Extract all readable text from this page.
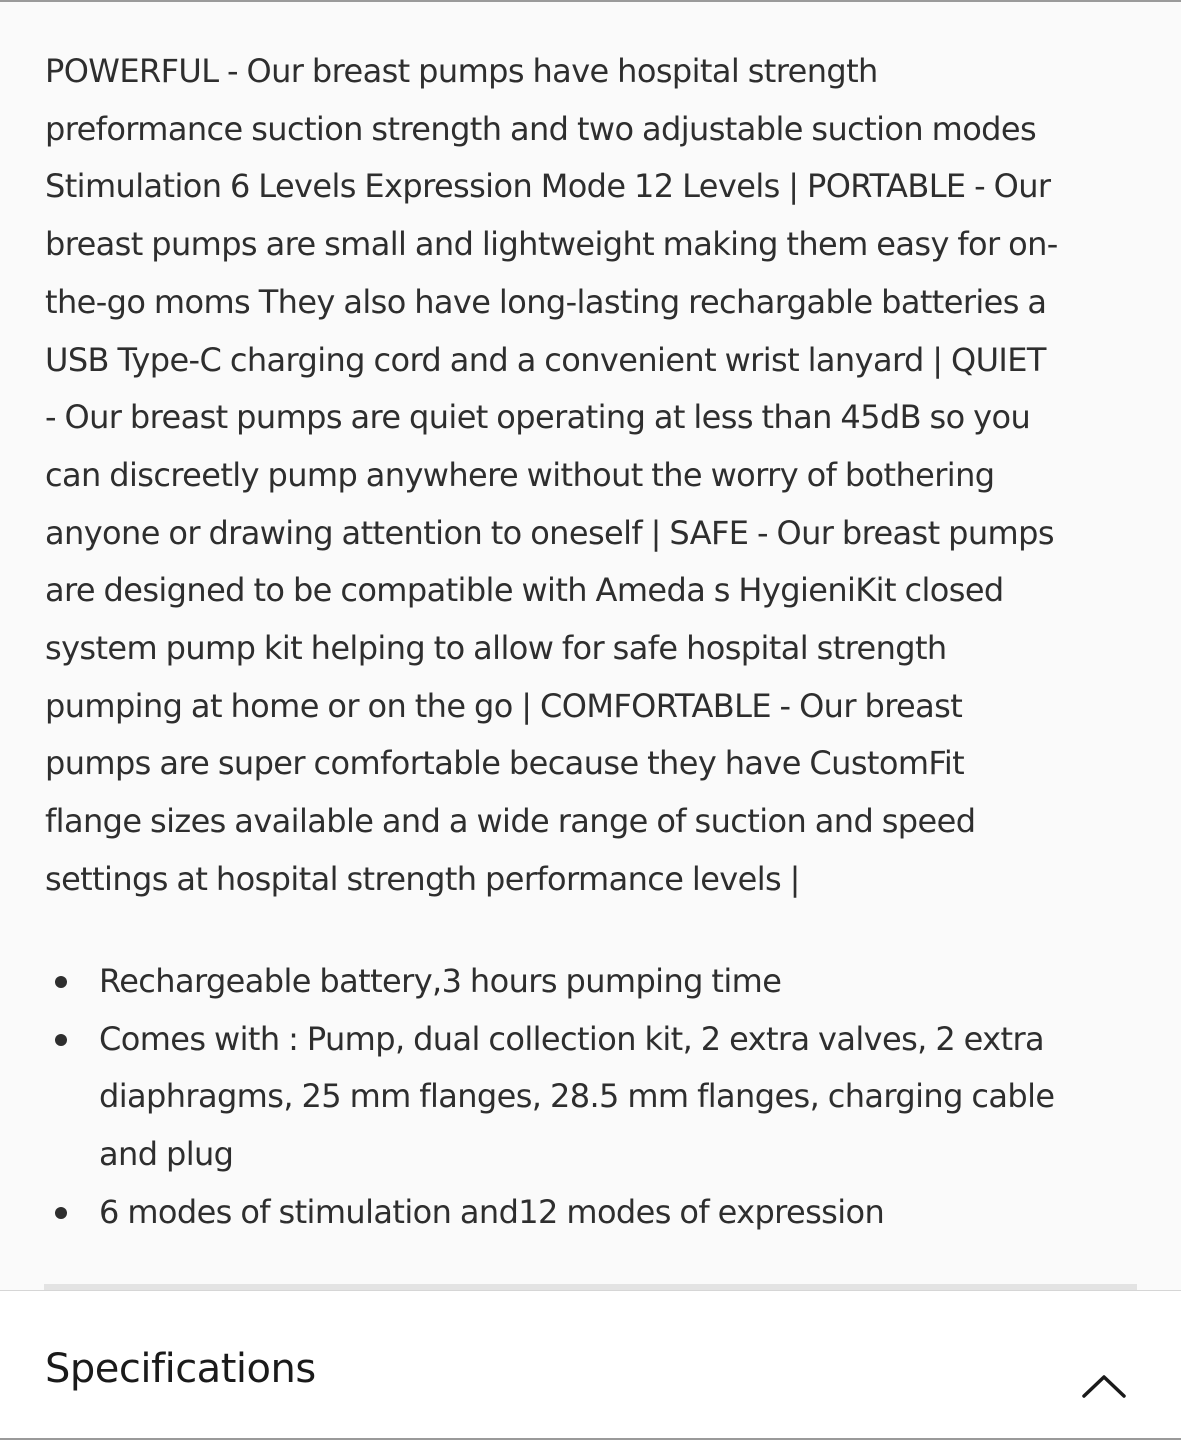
POWERFUL - Our breast pumps have hospital strength
preformance suction strength and two adjustable suction modes
Stimulation 6 Levels Expression Mode 12 Levels | PORTABLE - Our
breast pumps are small and lightweight making them easy for on-
the-go moms They also have long-lasting rechargable batteries a
USB Type-C charging cord and a convenient wrist lanyard | QUIET
- Our breast pumps are quiet operating at less than 45dB so you
can discreetly pump anywhere without the worry of bothering
anyone or drawing attention to oneself | SAFE - Our breast pumps
are designed to be compatible with Ameda s HygieniKit closed
system pump kit helping to allow for safe hospital strength
pumping at home or on the go | COMFORTABLE - Our breast
pumps are super comfortable because they have CustomFit
flange sizes available and a wide range of suction and speed
settings at hospital strength performance levels |

Rechargeable battery,3 hours pumping time
Comes with : Pump, dual collection kit, 2 extra valves, 2 extra
diaphragms, 25 mm flanges, 28.5 mm flanges, charging cable
and plug
6 modes of stimulation and12 modes of expression
Specifications
